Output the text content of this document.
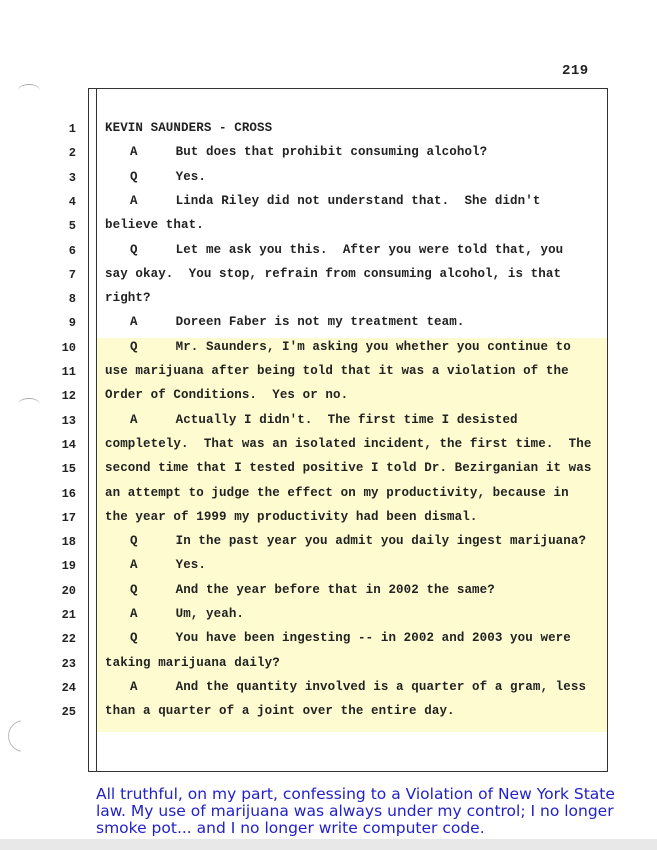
219
1 KEVIN SAUNDERS - CROSS
2	A     But does that prohibit consuming alcohol?
3	Q     Yes.
4	A     Linda Riley did not understand that.  She didn't
5 believe that.
6	Q     Let me ask you this.  After you were told that, you
7 say okay.  You stop, refrain from consuming alcohol, is that
8 right?
9	A     Doreen Faber is not my treatment team.
10	Q     Mr. Saunders, I'm asking you whether you continue to
11 use marijuana after being told that it was a violation of the
12 Order of Conditions.  Yes or no.
13	A     Actually I didn't.  The first time I desisted
14 completely.  That was an isolated incident, the first time.  The
15 second time that I tested positive I told Dr. Bezirganian it was
16 an attempt to judge the effect on my productivity, because in
17 the year of 1999 my productivity had been dismal.
18	Q     In the past year you admit you daily ingest marijuana?
19	A     Yes.
20	Q     And the year before that in 2002 the same?
21	A     Um, yeah.
22	Q     You have been ingesting -- in 2002 and 2003 you were
23 taking marijuana daily?
24	A     And the quantity involved is a quarter of a gram, less
25 than a quarter of a joint over the entire day.
All truthful, on my part, confessing to a Violation of New York State law. My use of marijuana was always under my control; I no longer smoke pot... and I no longer write computer code.
